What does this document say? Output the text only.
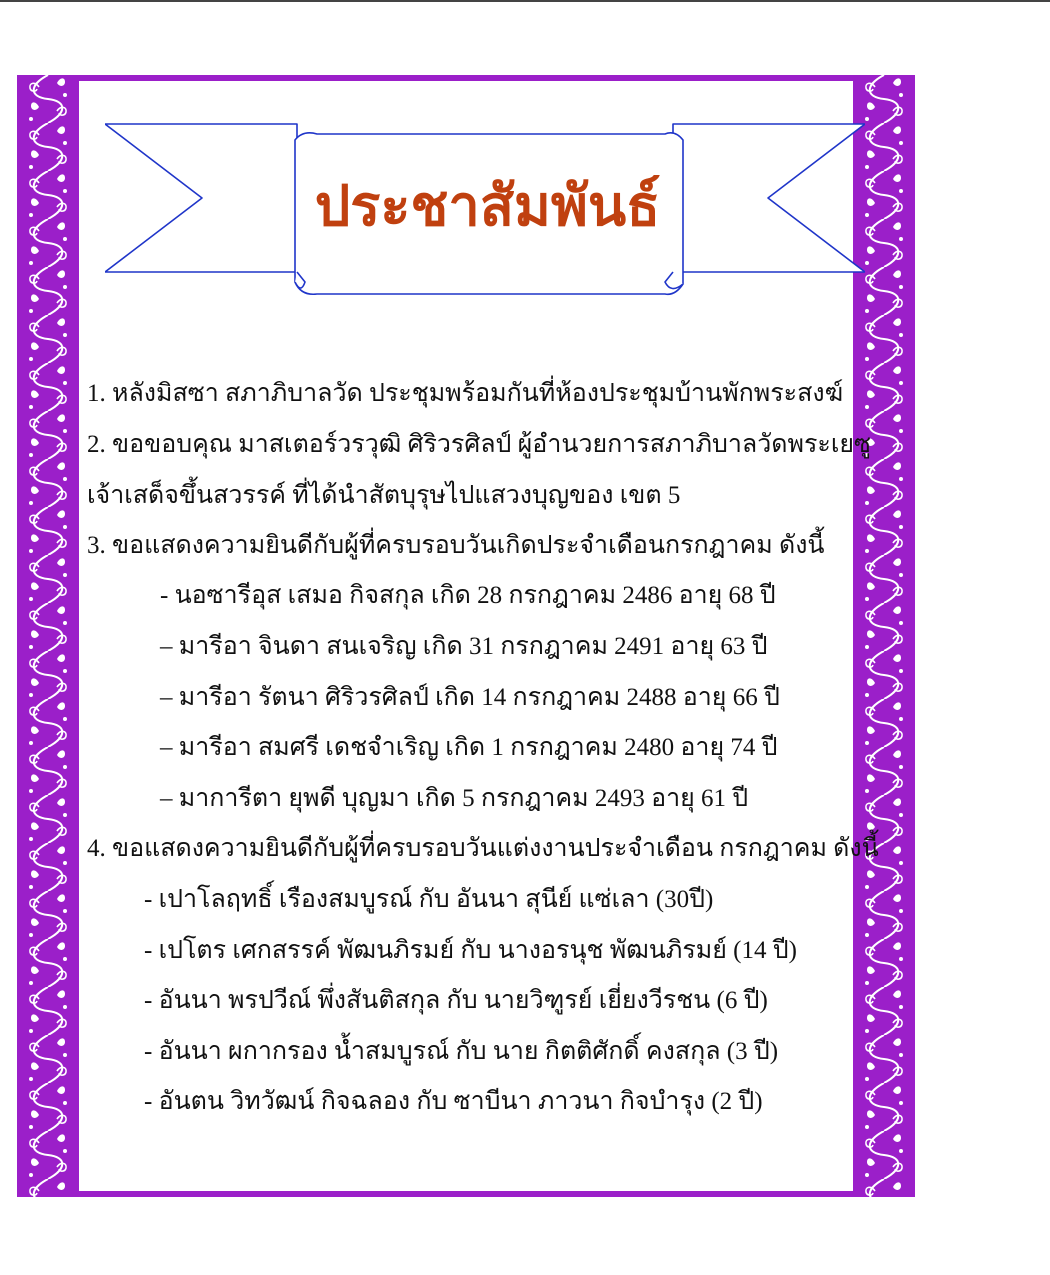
ประชาสัมพันธ์
1. หลังมิสซา สภาภิบาลวัด ประชุมพร้อมกันที่ห้องประชุมบ้านพักพระสงฆ์
2. ขอขอบคุณ มาสเตอร์วรวุฒิ ศิริวรศิลป์ ผู้อำนวยการสภาภิบาลวัดพระเยซู
เจ้าเสด็จขึ้นสวรรค์ ที่ได้นำสัตบุรุษไปแสวงบุญของ เขต 5
3. ขอแสดงความยินดีกับผู้ที่ครบรอบวันเกิดประจำเดือนกรกฎาคม ดังนี้
- นอซารีอุส เสมอ กิจสกุล เกิด 28 กรกฎาคม 2486 อายุ 68 ปี
– มารีอา จินดา สนเจริญ เกิด 31 กรกฎาคม 2491 อายุ 63 ปี
– มารีอา รัตนา ศิริวรศิลป์ เกิด 14 กรกฎาคม 2488 อายุ 66 ปี
– มารีอา สมศรี เดชจำเริญ เกิด 1 กรกฎาคม 2480 อายุ 74 ปี
– มาการีตา ยุพดี บุญมา เกิด 5 กรกฎาคม 2493 อายุ 61 ปี
4. ขอแสดงความยินดีกับผู้ที่ครบรอบวันแต่งงานประจำเดือน กรกฎาคม ดังนี้
- เปาโลฤทธิ์ เรืองสมบูรณ์ กับ อันนา สุนีย์ แซ่เลา (30ปี)
- เปโตร เศกสรรค์ พัฒนภิรมย์ กับ นางอรนุช พัฒนภิรมย์ (14 ปี)
- อันนา พรปวีณ์ พึ่งสันติสกุล กับ นายวิฑูรย์ เยี่ยงวีรชน (6 ปี)
- อันนา ผกากรอง น้ำสมบูรณ์ กับ นาย กิตติศักดิ์ คงสกุล (3 ปี)
- อันตน วิทวัฒน์ กิจฉลอง กับ ซาบีนา ภาวนา กิจบำรุง (2 ปี)
